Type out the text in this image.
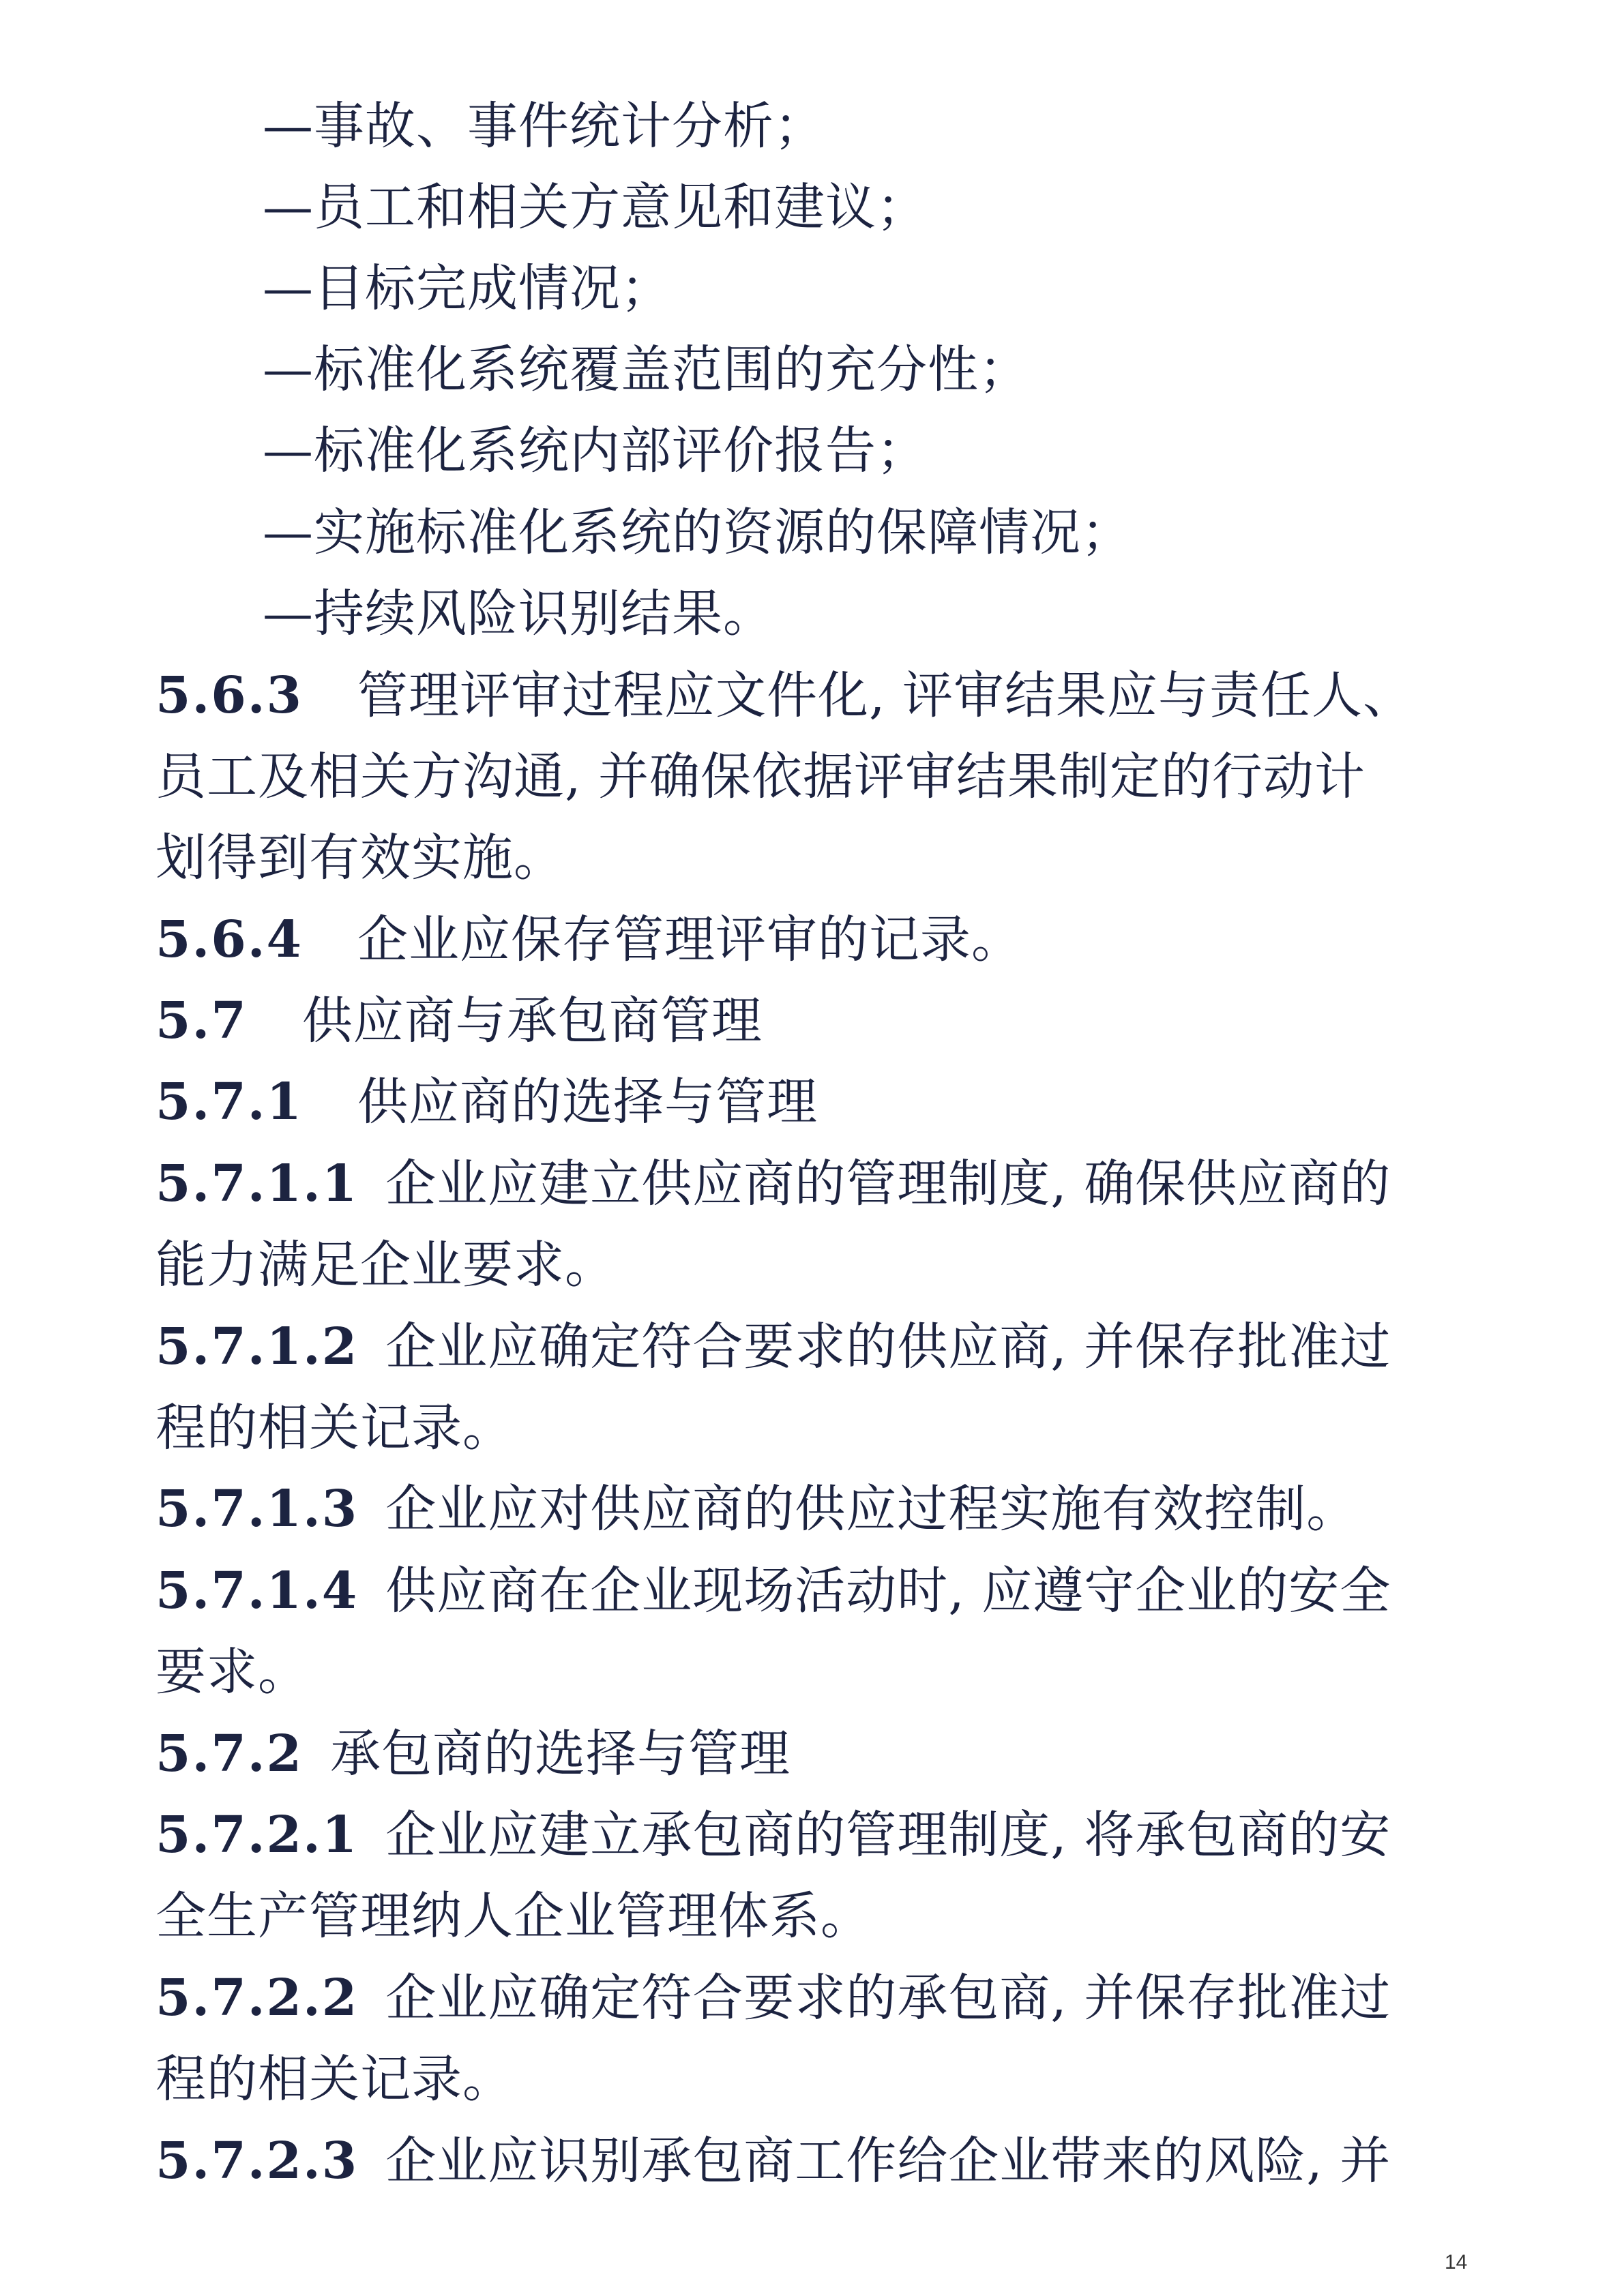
—事故、事件统计分析；
—员工和相关方意见和建议；
—目标完成情况；
—标准化系统覆盖范围的充分性；
—标准化系统内部评价报告；
—实施标准化系统的资源的保障情况；
—持续风险识别结果。
5.6.3 管理评审过程应文件化, 评审结果应与责任人、
员工及相关方沟通, 并确保依据评审结果制定的行动计
划得到有效实施。
5.6.4 企业应保存管理评审的记录。
5.7 供应商与承包商管理
5.7.1 供应商的选择与管理
5.7.1.1 企业应建立供应商的管理制度, 确保供应商的
能力满足企业要求。
5.7.1.2 企业应确定符合要求的供应商, 并保存批准过
程的相关记录。
5.7.1.3 企业应对供应商的供应过程实施有效控制。
5.7.1.4 供应商在企业现场活动时, 应遵守企业的安全
要求。
5.7.2 承包商的选择与管理
5.7.2.1 企业应建立承包商的管理制度, 将承包商的安
全生产管理纳人企业管理体系。
5.7.2.2 企业应确定符合要求的承包商, 并保存批准过
程的相关记录。
5.7.2.3 企业应识别承包商工作给企业带来的风险, 并
14
